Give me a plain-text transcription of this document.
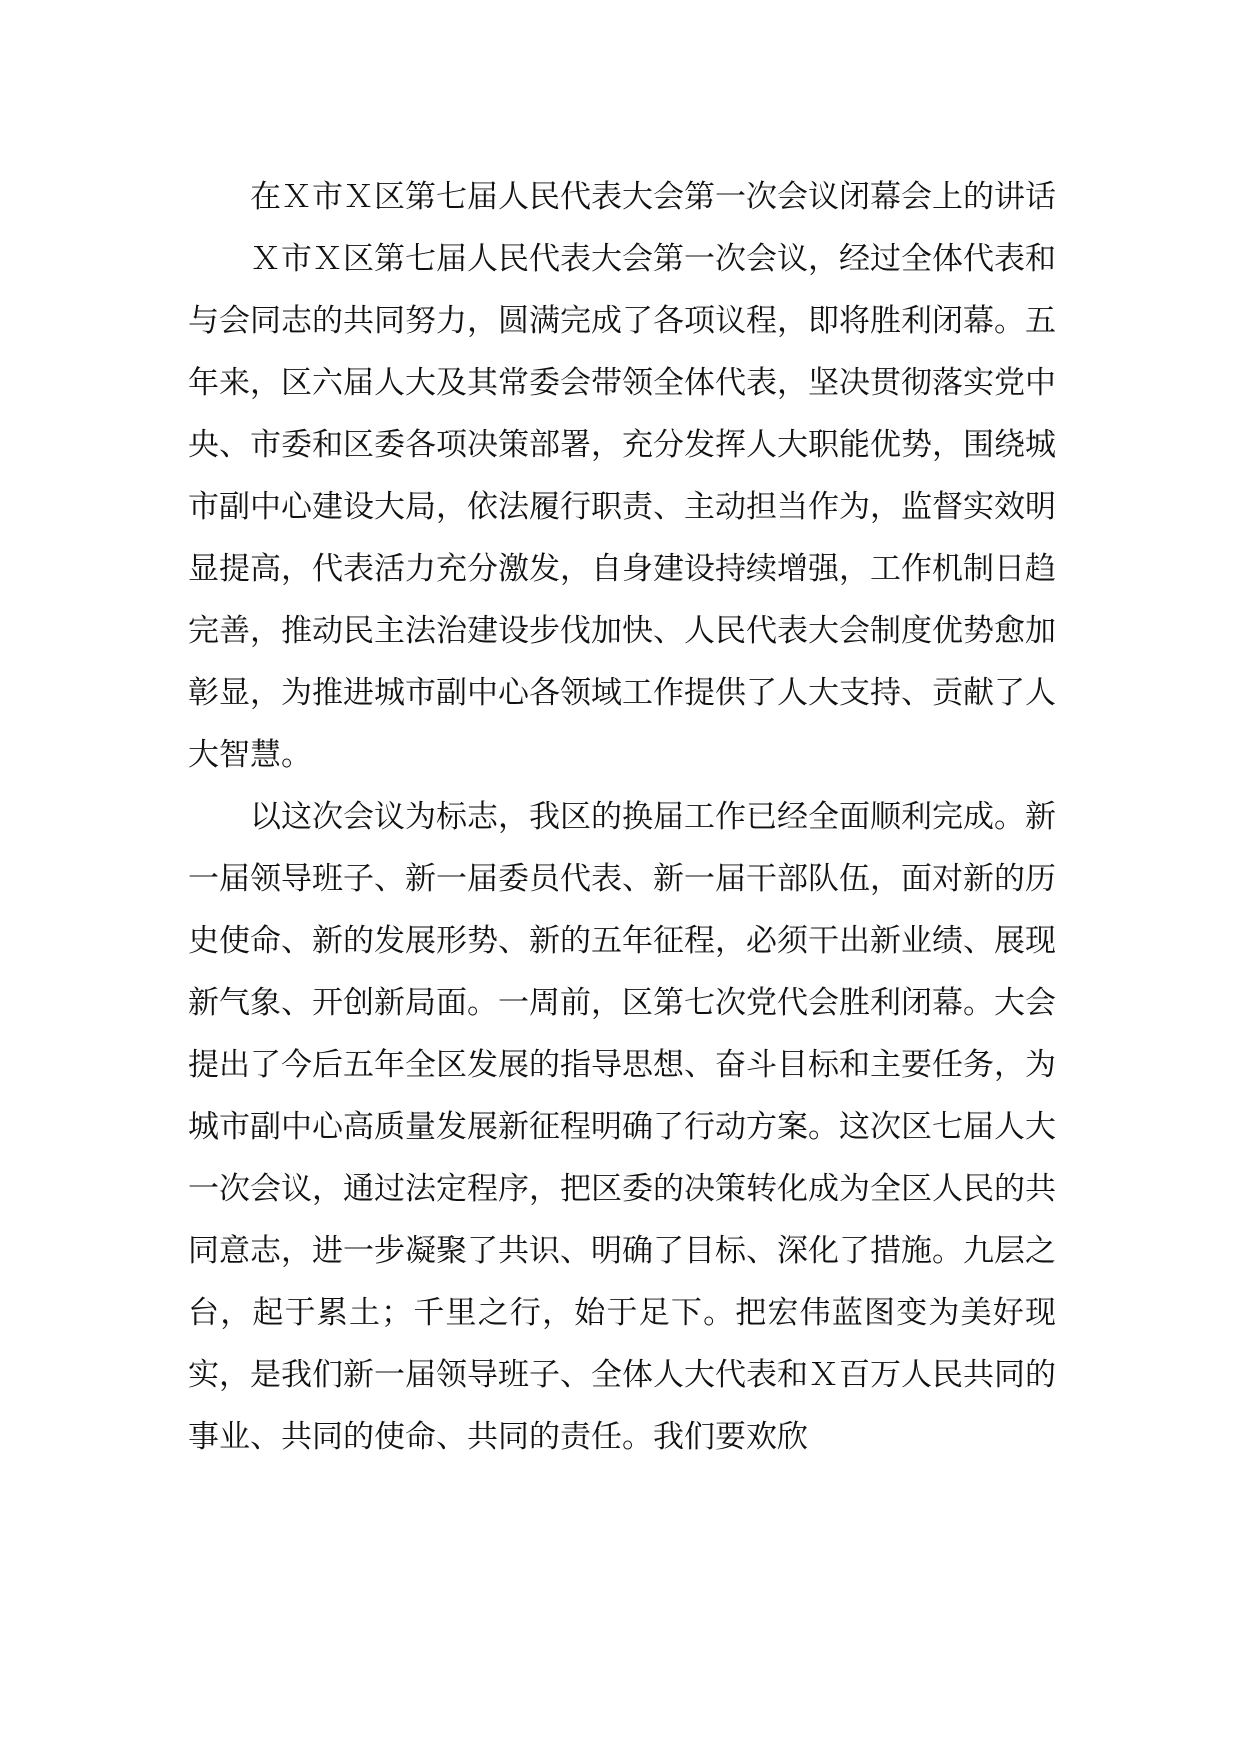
在Ｘ市Ｘ区第七届人民代表大会第一次会议闭幕会上的讲话

Ｘ市Ｘ区第七届人民代表大会第一次会议，经过全体代表和与会同志的共同努力，圆满完成了各项议程，即将胜利闭幕。五年来，区六届人大及其常委会带领全体代表，坚决贯彻落实党中央、市委和区委各项决策部署，充分发挥人大职能优势，围绕城市副中心建设大局，依法履行职责、主动担当作为，监督实效明显提高，代表活力充分激发，自身建设持续增强，工作机制日趋完善，推动民主法治建设步伐加快、人民代表大会制度优势愈加彰显，为推进城市副中心各领域工作提供了人大支持、贡献了人大智慧。

以这次会议为标志，我区的换届工作已经全面顺利完成。新一届领导班子、新一届委员代表、新一届干部队伍，面对新的历史使命、新的发展形势、新的五年征程，必须干出新业绩、展现新气象、开创新局面。一周前，区第七次党代会胜利闭幕。大会提出了今后五年全区发展的指导思想、奋斗目标和主要任务，为城市副中心高质量发展新征程明确了行动方案。这次区七届人大一次会议，通过法定程序，把区委的决策转化成为全区人民的共同意志，进一步凝聚了共识、明确了目标、深化了措施。九层之台，起于累土；千里之行，始于足下。把宏伟蓝图变为美好现实，是我们新一届领导班子、全体人大代表和Ｘ百万人民共同的事业、共同的使命、共同的责任。我们要欢欣
